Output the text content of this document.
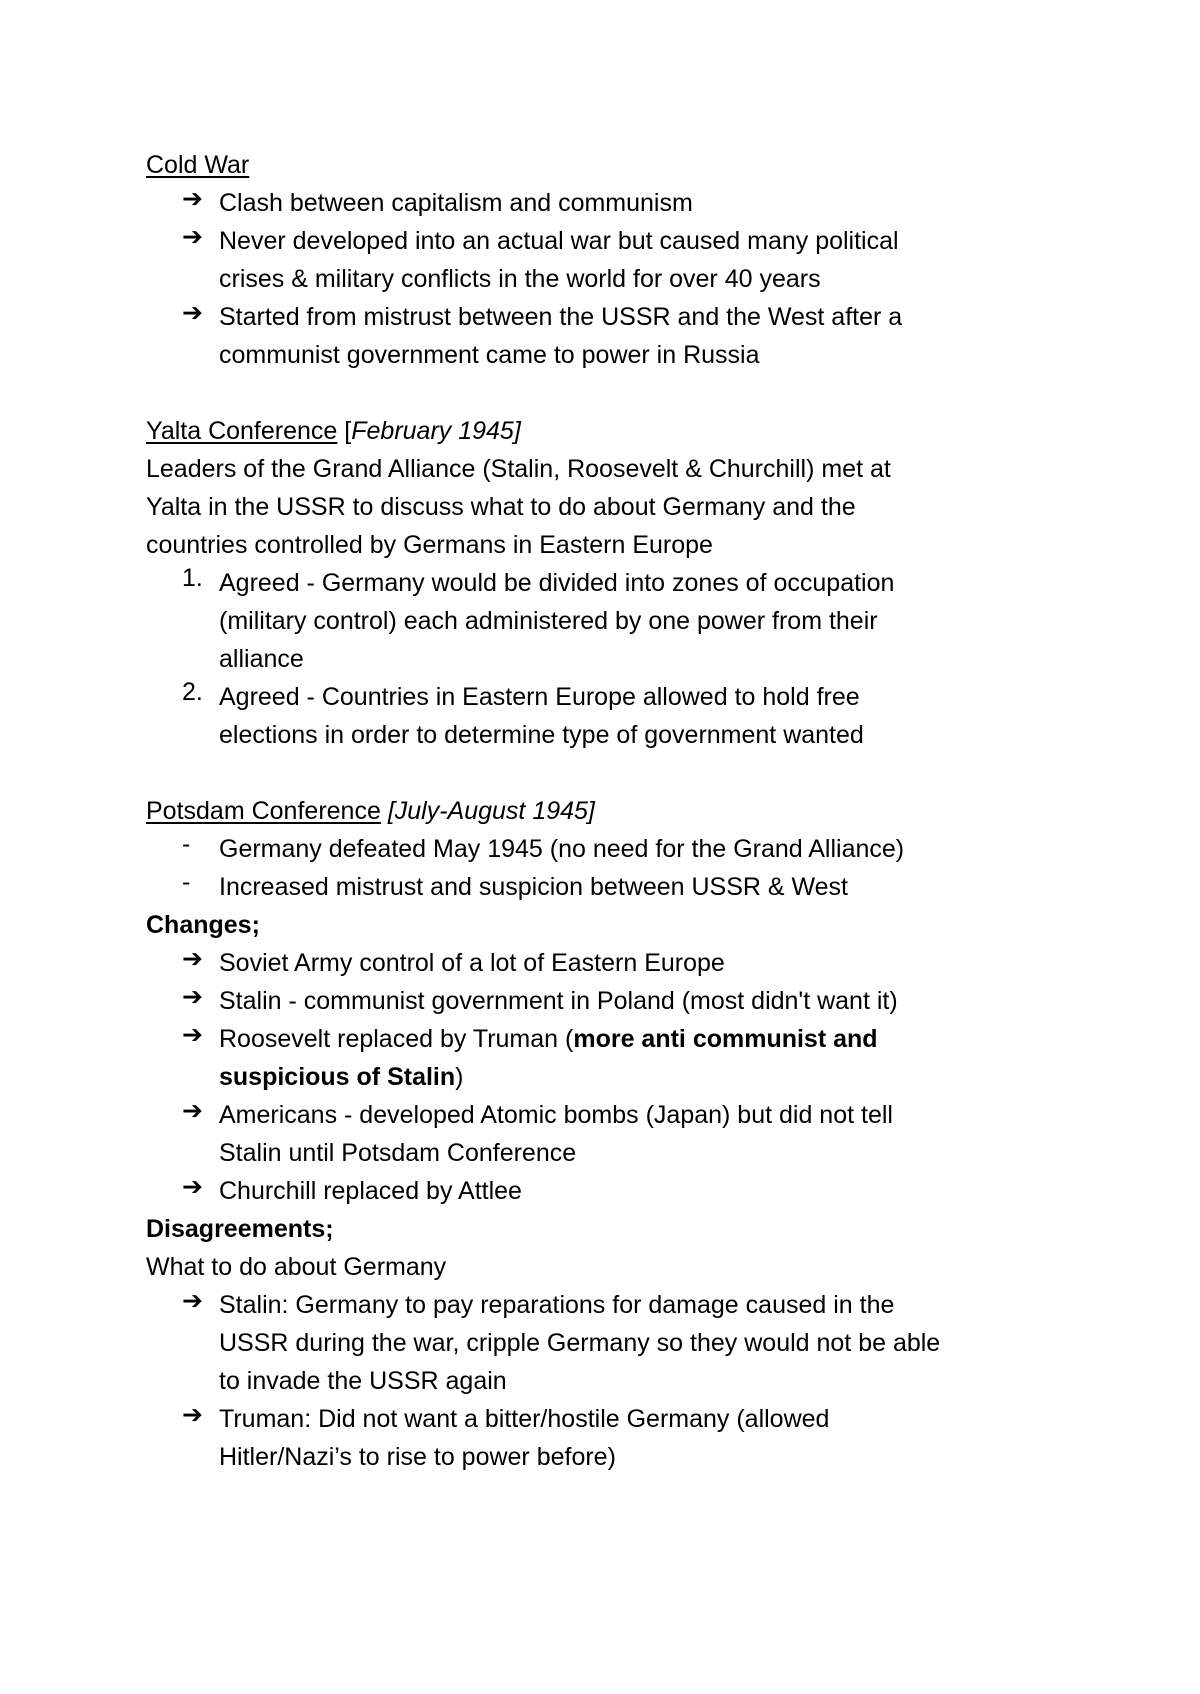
Cold War
➔ Clash between capitalism and communism
➔ Never developed into an actual war but caused many political
crises & military conflicts in the world for over 40 years
➔ Started from mistrust between the USSR and the West after a
communist government came to power in Russia
Yalta Conference [February 1945]
Leaders of the Grand Alliance (Stalin, Roosevelt & Churchill) met at
Yalta in the USSR to discuss what to do about Germany and the
countries controlled by Germans in Eastern Europe
1. Agreed - Germany would be divided into zones of occupation
(military control) each administered by one power from their
alliance
2. Agreed - Countries in Eastern Europe allowed to hold free
elections in order to determine type of government wanted
Potsdam Conference [July-August 1945]
- Germany defeated May 1945 (no need for the Grand Alliance)
- Increased mistrust and suspicion between USSR & West
Changes;
➔ Soviet Army control of a lot of Eastern Europe
➔ Stalin - communist government in Poland (most didn't want it)
➔ Roosevelt replaced by Truman (more anti communist and
suspicious of Stalin)
➔ Americans - developed Atomic bombs (Japan) but did not tell
Stalin until Potsdam Conference
➔ Churchill replaced by Attlee
Disagreements;
What to do about Germany
➔ Stalin: Germany to pay reparations for damage caused in the
USSR during the war, cripple Germany so they would not be able
to invade the USSR again
➔ Truman: Did not want a bitter/hostile Germany (allowed
Hitler/Nazi’s to rise to power before)
